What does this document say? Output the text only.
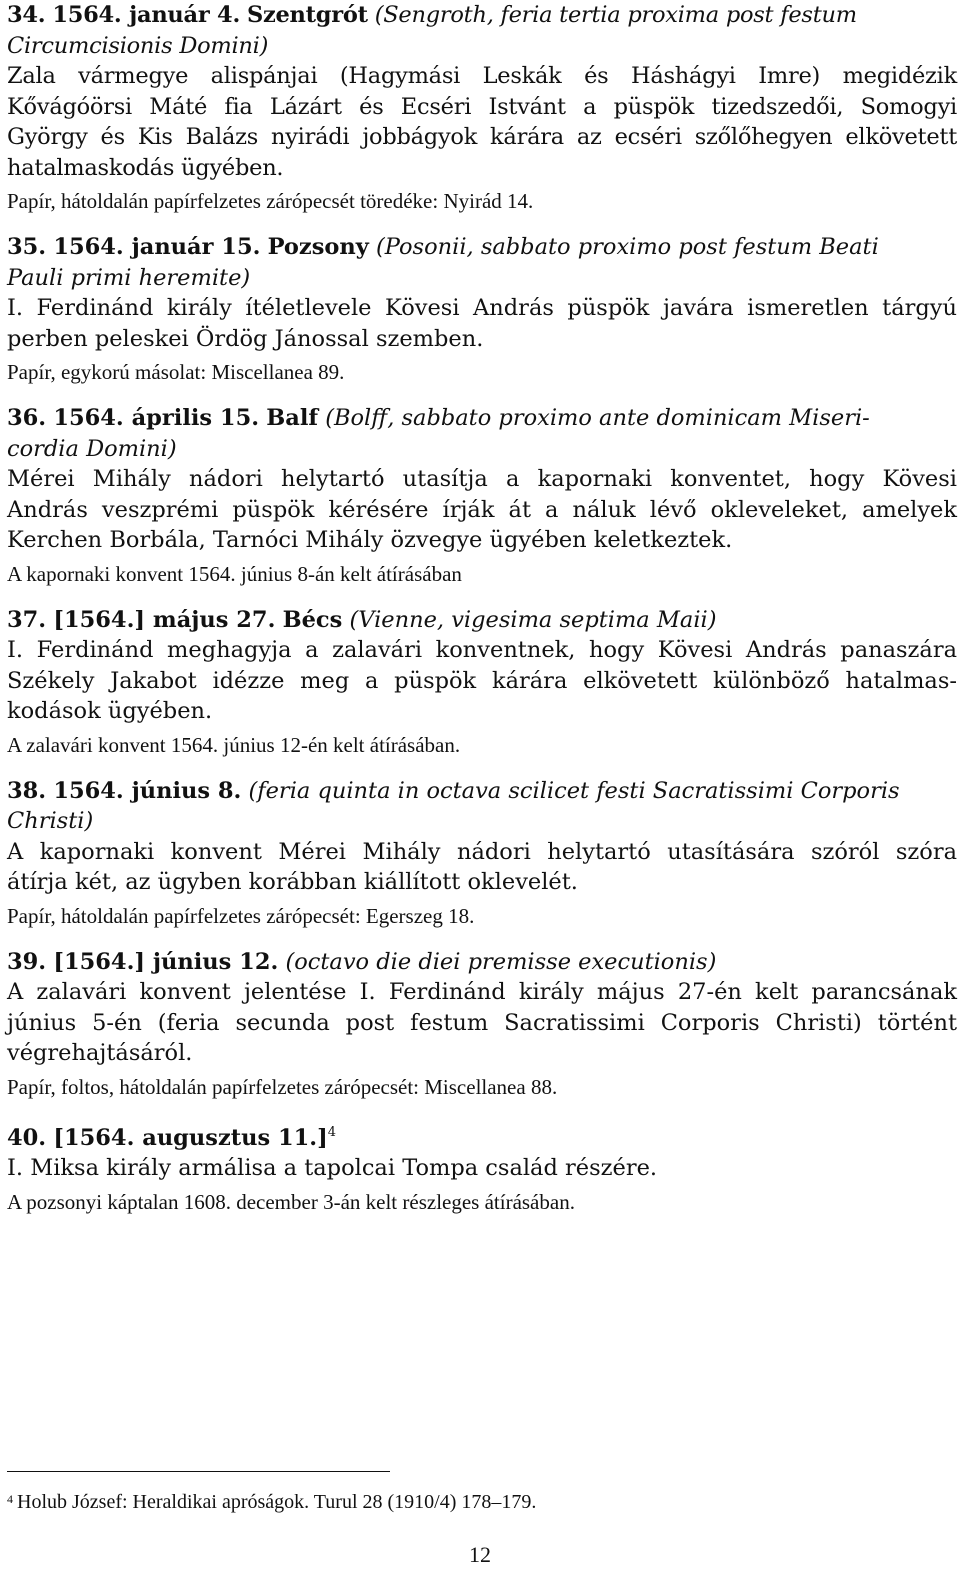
34. 1564. január 4. Szentgrót (Sengroth, feria tertia proxima post festum
Circumcisionis Domini)
Zala vármegye alispánjai (Hagymási Leskák és Háshágyi Imre) megidézik
Kővágóörsi Máté fia Lázárt és Ecséri Istvánt a püspök tizedszedői, Somogyi
György és Kis Balázs nyirádi jobbágyok kárára az ecséri szőlőhegyen elkövetett
hatalmaskodás ügyében.
Papír, hátoldalán papírfelzetes zárópecsét töredéke: Nyirád 14.
35. 1564. január 15. Pozsony (Posonii, sabbato proximo post festum Beati
Pauli primi heremite)
I. Ferdinánd király ítéletlevele Kövesi András püspök javára ismeretlen tárgyú
perben peleskei Ördög Jánossal szemben.
Papír, egykorú másolat: Miscellanea 89.
36. 1564. április 15. Balf (Bolff, sabbato proximo ante dominicam Miseri-
cordia Domini)
Mérei Mihály nádori helytartó utasítja a kapornaki konventet, hogy Kövesi
András veszprémi püspök kérésére írják át a náluk lévő okleveleket, amelyek
Kerchen Borbála, Tarnóci Mihály özvegye ügyében keletkeztek.
A kapornaki konvent 1564. június 8-án kelt átírásában
37. [1564.] május 27. Bécs (Vienne, vigesima septima Maii)
I. Ferdinánd meghagyja a zalavári konventnek, hogy Kövesi András panaszára
Székely Jakabot idézze meg a püspök kárára elkövetett különböző hatalmas-
kodások ügyében.
A zalavári konvent 1564. június 12-én kelt átírásában.
38. 1564. június 8. (feria quinta in octava scilicet festi Sacratissimi Corporis
Christi)
A kapornaki konvent Mérei Mihály nádori helytartó utasítására szóról szóra
átírja két, az ügyben korábban kiállított oklevelét.
Papír, hátoldalán papírfelzetes zárópecsét: Egerszeg 18.
39. [1564.] június 12. (octavo die diei premisse executionis)
A zalavári konvent jelentése I. Ferdinánd király május 27-én kelt parancsának
június 5-én (feria secunda post festum Sacratissimi Corporis Christi) történt
végrehajtásáról.
Papír, foltos, hátoldalán papírfelzetes zárópecsét: Miscellanea 88.
40. [1564. augusztus 11.]$^4$
I. Miksa király armálisa a tapolcai Tompa család részére.
A pozsonyi káptalan 1608. december 3-án kelt részleges átírásában.
$^4$ Holub József: Heraldikai apróságok. Turul 28 (1910/4) 178–179.
12
